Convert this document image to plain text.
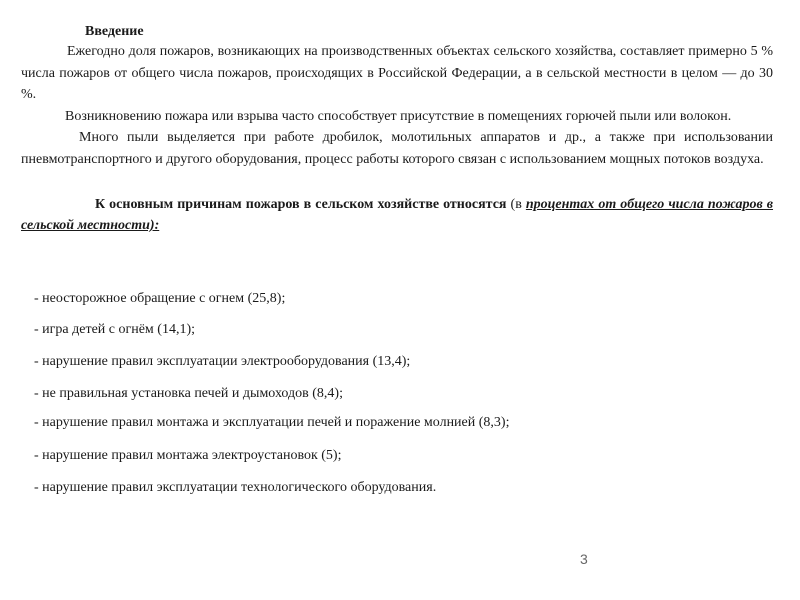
Введение

Ежегодно доля пожаров, возникающих на производственных объектах сельского хозяйства, составляет примерно 5 % числа пожаров от общего числа пожаров, происходящих в Российской Федерации, а в сельской местности в целом — до 30 %.

Возникновению пожара или взрыва часто способствует присутствие в помещениях горючей пыли или волокон.

Много пыли выделяется при работе дробилок, молотильных аппаратов и др., а также при использовании пневмотранспортного и другого оборудования, процесс работы которого связан с использованием мощных потоков воздуха.

К основным причинам пожаров в сельском хозяйстве относятся (в процентах от общего числа пожаров в сельской местности):

- неосторожное обращение с огнем (25,8);
- игра детей с огнём (14,1);
- нарушение правил эксплуатации электрооборудования (13,4);
- не правильная установка печей и дымоходов (8,4);
- нарушение правил монтажа и эксплуатации печей и поражение молнией (8,3);
- нарушение правил монтажа электроустановок (5);
- нарушение правил эксплуатации технологического оборудования.
3
